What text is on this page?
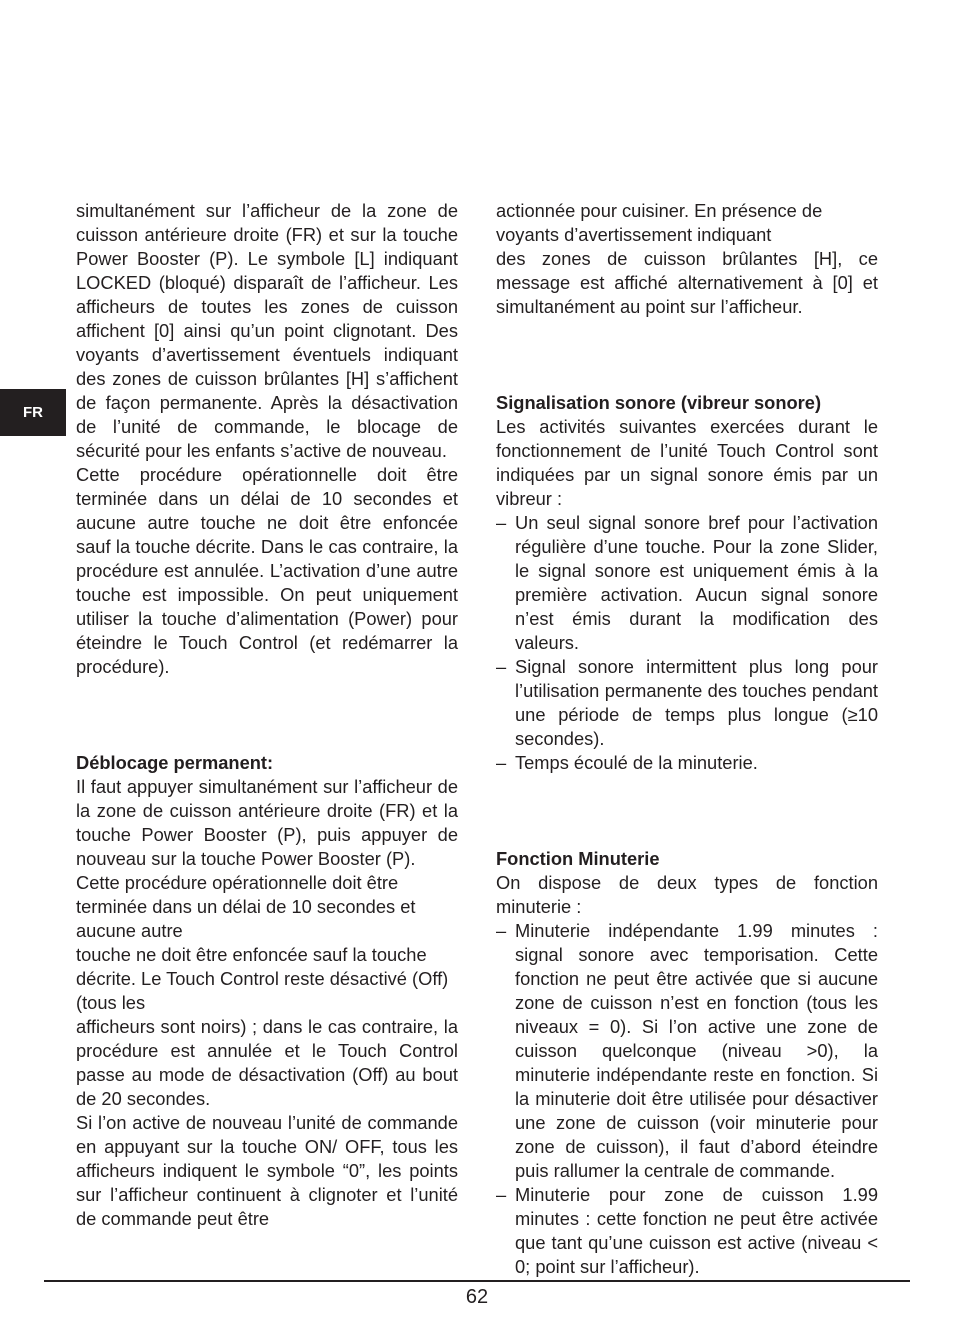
FR

simultanément sur l’afficheur de la zone de cuisson antérieure droite (FR) et sur la touche Power Booster (P). Le symbole [L] indiquant LOCKED (bloqué) disparaît de l’afficheur. Les afficheurs de toutes les zones de cuisson affichent [0] ainsi qu’un point clignotant. Des voyants d’avertissement éventuels indiquant des zones de cuisson brûlantes [H] s’affichent de façon permanente. Après la désactivation de l’unité de commande, le blocage de sécurité pour les enfants s’active de nouveau.

Cette procédure opérationnelle doit être terminée dans un délai de 10 secondes et aucune autre touche ne doit être enfoncée sauf la touche décrite. Dans le cas contraire, la procédure est annulée. L’activation d’une autre touche est impossible. On peut uniquement utiliser la touche d’alimentation (Power) pour éteindre le Touch Control (et redémarrer la procédure).

Déblocage permanent:

Il faut appuyer simultanément sur l’afficheur de la zone de cuisson antérieure droite (FR) et la touche Power Booster (P), puis appuyer de nouveau sur la touche Power Booster (P).

Cette procédure opérationnelle doit être terminée dans un délai de 10 secondes et aucune autre

touche ne doit être enfoncée sauf la touche décrite. Le Touch Control reste désactivé (Off) (tous les

afficheurs sont noirs) ; dans le cas contraire, la procédure est annulée et le Touch Control passe au mode de désactivation (Off) au bout de 20 secondes.

Si l’on active de nouveau l’unité de commande en appuyant sur la touche ON/ OFF, tous les afficheurs indiquent le symbole “0”, les points sur l’afficheur continuent à clignoter et l’unité de commande peut être

actionnée pour cuisiner. En présence de voyants d’avertissement indiquant

des zones de cuisson brûlantes [H], ce message est affiché alternativement à [0] et simultanément au point sur l’afficheur.

Signalisation sonore (vibreur sonore)

Les activités suivantes exercées durant le fonctionnement de l’unité Touch Control sont indiquées par un signal sonore émis par un vibreur :

– Un seul signal sonore bref pour l’activation régulière d’une touche. Pour la zone Slider, le signal sonore est uniquement émis à la première activation. Aucun signal sonore n’est émis durant la modification des valeurs.
– Signal sonore intermittent plus long pour l’utilisation permanente des touches pendant une période de temps plus longue (≥10 secondes).
– Temps écoulé de la minuterie.
Fonction Minuterie

On dispose de deux types de fonction minuterie :

– Minuterie indépendante 1.99 minutes : signal sonore avec temporisation. Cette fonction ne peut être activée que si aucune zone de cuisson n’est en fonction (tous les niveaux = 0). Si l’on active une zone de cuisson quelconque (niveau >0), la minuterie indépendante reste en fonction. Si la minuterie doit être utilisée pour désactiver une zone de cuisson (voir minuterie pour zone de cuisson), il faut d’abord éteindre puis rallumer la centrale de commande.
– Minuterie pour zone de cuisson 1.99 minutes : cette fonction ne peut être activée que tant qu’une cuisson est active (niveau < 0; point sur l’afficheur).
62
